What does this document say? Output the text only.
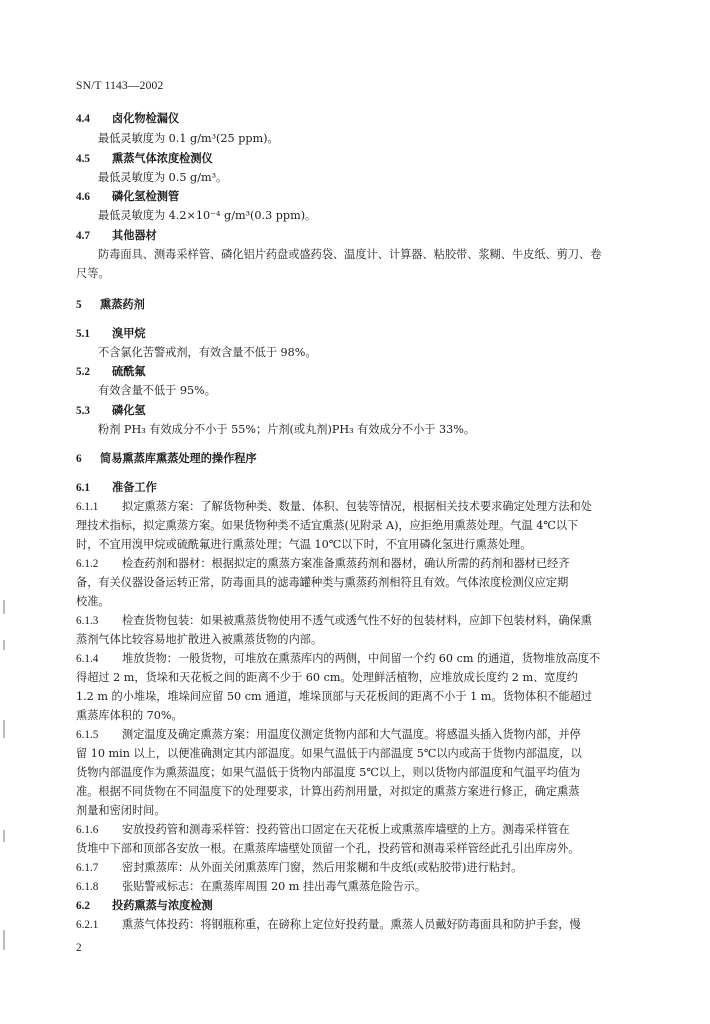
SN/T 1143—2002
4.4 卤化物检漏仪
最低灵敏度为 0.1 g/m³(25 ppm)。
4.5 熏蒸气体浓度检测仪
最低灵敏度为 0.5 g/m³。
4.6 磷化氢检测管
最低灵敏度为 4.2×10⁻⁴ g/m³(0.3 ppm)。
4.7 其他器材
防毒面具、测毒采样管、磷化铝片药盘或盛药袋、温度计、计算器、粘胶带、浆糊、牛皮纸、剪刀、卷
尺等。
5 熏蒸药剂
5.1 溴甲烷
不含氯化苦警戒剂，有效含量不低于 98%。
5.2 硫酰氟
有效含量不低于 95%。
5.3 磷化氢
粉剂 PH₃ 有效成分不小于 55%；片剂(或丸剂)PH₃ 有效成分不小于 33%。
6 简易熏蒸库熏蒸处理的操作程序
6.1 准备工作
6.1.1 拟定熏蒸方案：了解货物种类、数量、体积、包装等情况，根据相关技术要求确定处理方法和处
理技术指标，拟定熏蒸方案。如果货物种类不适宜熏蒸(见附录 A)，应拒绝用熏蒸处理。气温 4℃以下
时，不宜用溴甲烷或硫酰氟进行熏蒸处理；气温 10℃以下时，不宜用磷化氢进行熏蒸处理。
6.1.2 检查药剂和器材：根据拟定的熏蒸方案准备熏蒸药剂和器材，确认所需的药剂和器材已经齐
备，有关仪器设备运转正常，防毒面具的滤毒罐种类与熏蒸药剂相符且有效。气体浓度检测仪应定期
校准。
6.1.3 检查货物包装：如果被熏蒸货物使用不透气或透气性不好的包装材料，应卸下包装材料，确保熏
蒸剂气体比较容易地扩散进入被熏蒸货物的内部。
6.1.4 堆放货物：一般货物，可堆放在熏蒸库内的两侧，中间留一个约 60 cm 的通道，货物堆放高度不
得超过 2 m，货垛和天花板之间的距离不少于 60 cm。处理鲜活植物，应堆放成长度约 2 m、宽度约
1.2 m 的小堆垛，堆垛间应留 50 cm 通道，堆垛顶部与天花板间的距离不小于 1 m。货物体积不能超过
熏蒸库体积的 70%。
6.1.5 测定温度及确定熏蒸方案：用温度仪测定货物内部和大气温度。将感温头插入货物内部，并停
留 10 min 以上，以便准确测定其内部温度。如果气温低于内部温度 5℃以内或高于货物内部温度，以
货物内部温度作为熏蒸温度；如果气温低于货物内部温度 5℃以上，则以货物内部温度和气温平均值为
准。根据不同货物在不同温度下的处理要求，计算出药剂用量，对拟定的熏蒸方案进行修正，确定熏蒸
剂量和密闭时间。
6.1.6 安放投药管和测毒采样管：投药管出口固定在天花板上或熏蒸库墙壁的上方。测毒采样管在
货堆中下部和顶部各安放一根。在熏蒸库墙壁处顶留一个孔，投药管和测毒采样管经此孔引出库房外。
6.1.7 密封熏蒸库：从外面关闭熏蒸库门窗，然后用浆糊和牛皮纸(或粘胶带)进行粘封。
6.1.8 张贴警戒标志：在熏蒸库周围 20 m 挂出毒气熏蒸危险告示。
6.2 投药熏蒸与浓度检测
6.2.1 熏蒸气体投药：将钢瓶称重，在磅称上定位好投药量。熏蒸人员戴好防毒面具和防护手套，慢
2
